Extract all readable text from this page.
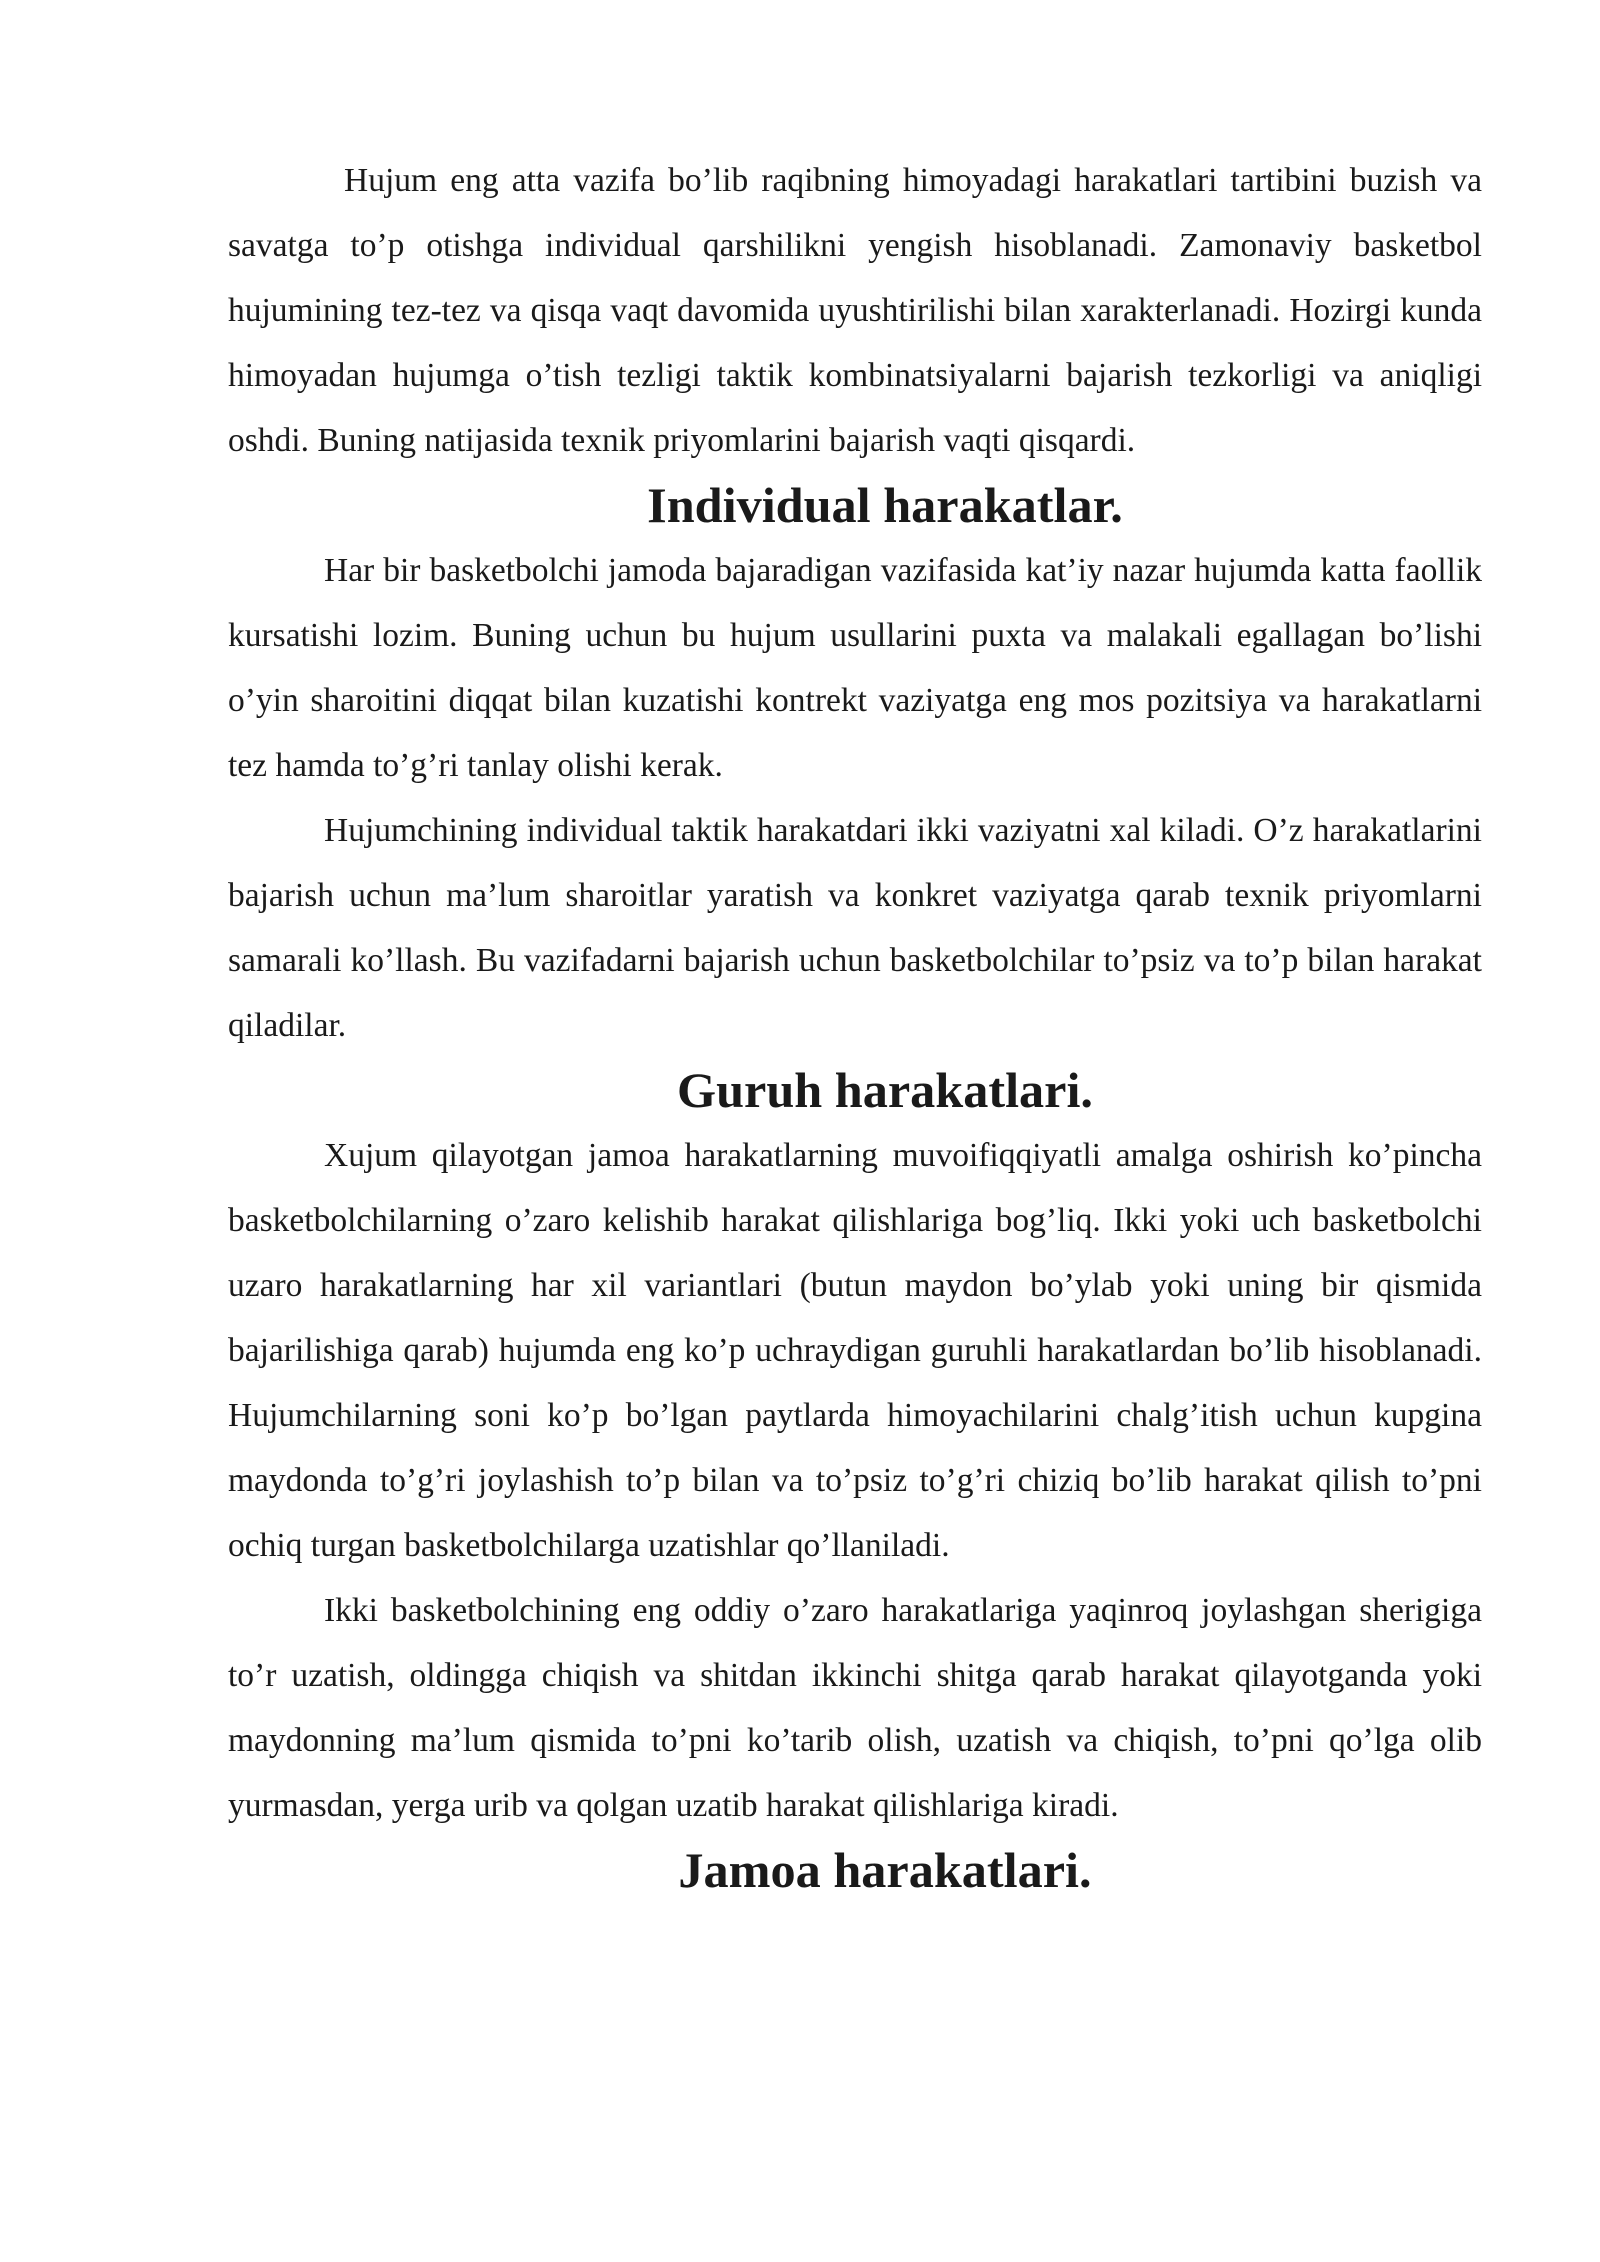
Hujum eng atta vazifa bo’lib raqibning himoyadagi harakatlari tartibini buzish va savatga to’p otishga individual qarshilikni yengish hisoblanadi. Zamonaviy basketbol hujumining tez-tez va qisqa vaqt davomida uyushtirilishi bilan xarakterlanadi. Hozirgi kunda himoyadan hujumga o’tish tezligi taktik kombinatsiyalarni bajarish tezkorligi va aniqligi oshdi. Buning natijasida texnik priyomlarini bajarish vaqti qisqardi.

Individual harakatlar.

Har bir basketbolchi jamoda bajaradigan vazifasida kat’iy nazar hujumda katta faollik kursatishi lozim. Buning uchun bu hujum usullarini puxta va malakali egallagan bo’lishi o’yin sharoitini diqqat bilan kuzatishi kontrekt vaziyatga eng mos pozitsiya va harakatlarni tez hamda to’g’ri tanlay olishi kerak.

Hujumchining individual taktik harakatdari ikki vaziyatni xal kiladi. O’z harakatlarini bajarish uchun ma’lum sharoitlar yaratish va konkret vaziyatga qarab texnik priyomlarni samarali ko’llash. Bu vazifadarni bajarish uchun basketbolchilar to’psiz va to’p bilan harakat qiladilar.

Guruh harakatlari.

Xujum qilayotgan jamoa harakatlarning muvoifiqqiyatli amalga oshirish ko’pincha basketbolchilarning o’zaro kelishib harakat qilishlariga bog’liq. Ikki yoki uch basketbolchi uzaro harakatlarning har xil variantlari (butun maydon bo’ylab yoki uning bir qismida bajarilishiga qarab) hujumda eng ko’p uchraydigan guruhli harakatlardan bo’lib hisoblanadi. Hujumchilarning soni ko’p bo’lgan paytlarda himoyachilarini chalg’itish uchun kupgina maydonda to’g’ri joylashish to’p bilan va to’psiz to’g’ri chiziq bo’lib harakat qilish to’pni ochiq turgan basketbolchilarga uzatishlar qo’llaniladi.

Ikki basketbolchining eng oddiy o’zaro harakatlariga yaqinroq joylashgan sherigiga to’r uzatish, oldingga chiqish va shitdan ikkinchi shitga qarab harakat qilayotganda yoki maydonning ma’lum qismida to’pni ko’tarib olish, uzatish va chiqish, to’pni qo’lga olib yurmasdan, yerga urib va qolgan uzatib harakat qilishlariga kiradi.

Jamoa harakatlari.
